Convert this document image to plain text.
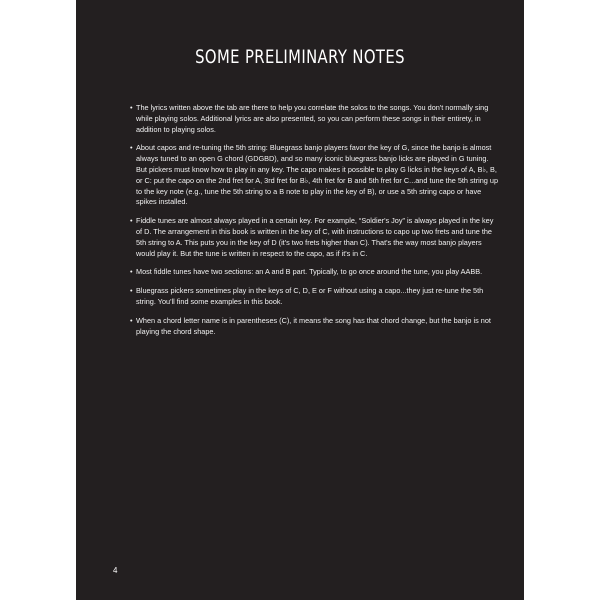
SOME PRELIMINARY NOTES
• The lyrics written above the tab are there to help you correlate the solos to the songs. You don't normally sing while playing solos. Additional lyrics are also presented, so you can perform these songs in their entirety, in addition to playing solos.
• About capos and re-tuning the 5th string: Bluegrass banjo players favor the key of G, since the banjo is almost always tuned to an open G chord (GDGBD), and so many iconic bluegrass banjo licks are played in G tuning. But pickers must know how to play in any key. The capo makes it possible to play G licks in the keys of A, B♭, B, or C: put the capo on the 2nd fret for A, 3rd fret for B♭, 4th fret for B and 5th fret for C...and tune the 5th string up to the key note (e.g., tune the 5th string to a B note to play in the key of B), or use a 5th string capo or have spikes installed.
• Fiddle tunes are almost always played in a certain key. For example, “Soldier's Joy” is always played in the key of D. The arrangement in this book is written in the key of C, with instructions to capo up two frets and tune the 5th string to A. This puts you in the key of D (it's two frets higher than C). That's the way most banjo players would play it. But the tune is written in respect to the capo, as if it's in C.
• Most fiddle tunes have two sections: an A and B part. Typically, to go once around the tune, you play AABB.
• Bluegrass pickers sometimes play in the keys of C, D, E or F without using a capo...they just re-tune the 5th string. You'll find some examples in this book.
• When a chord letter name is in parentheses (C), it means the song has that chord change, but the banjo is not playing the chord shape.
4
